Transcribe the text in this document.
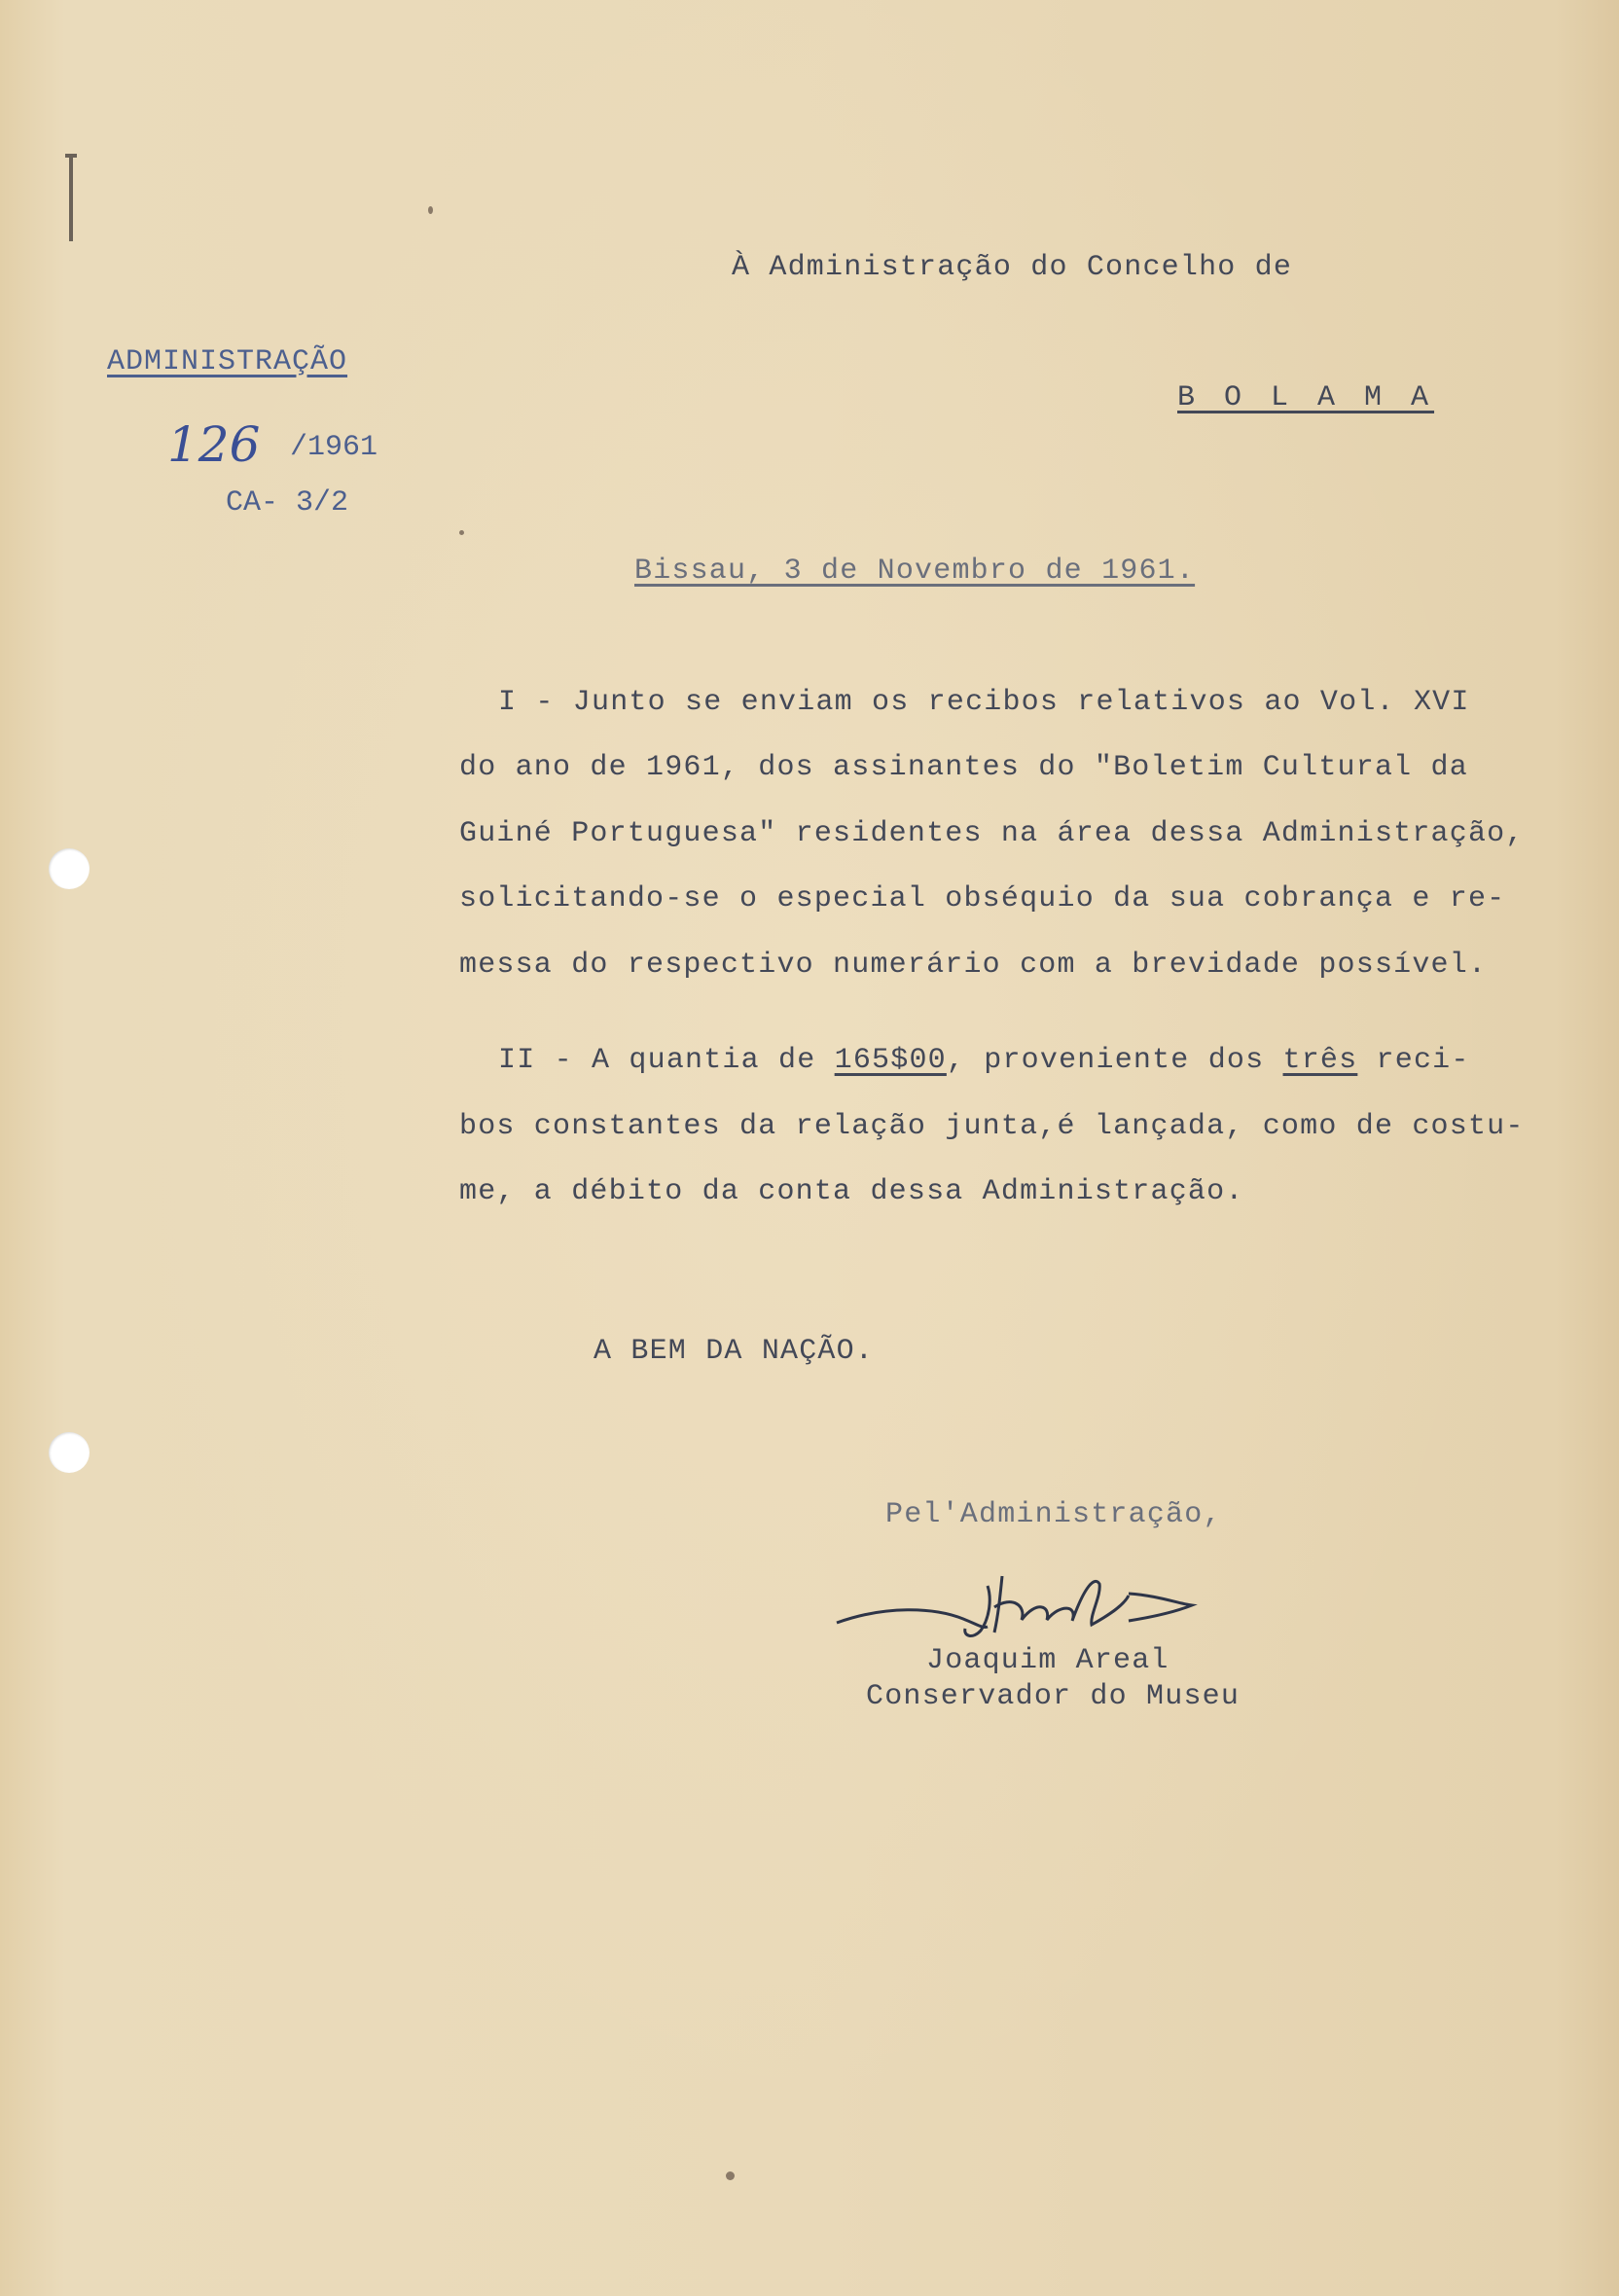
ADMINISTRAÇÃO
126 /1961
CA- 3/2
À Administração do Concelho de
B O L A M A
Bissau, 3 de Novembro de 1961.
I - Junto se enviam os recibos relativos ao Vol. XVI
do ano de 1961, dos assinantes do "Boletim Cultural da
Guiné Portuguesa" residentes na área dessa Administração,
solicitando-se o especial obséquio da sua cobrança e re-
messa do respectivo numerário com a brevidade possível.
II - A quantia de 165$00, proveniente dos três reci-
bos constantes da relação junta,é lançada, como de costu-
me, a débito da conta dessa Administração.
A BEM DA NAÇÃO.
Pel'Administração,
Joaquim Areal
Conservador do Museu
